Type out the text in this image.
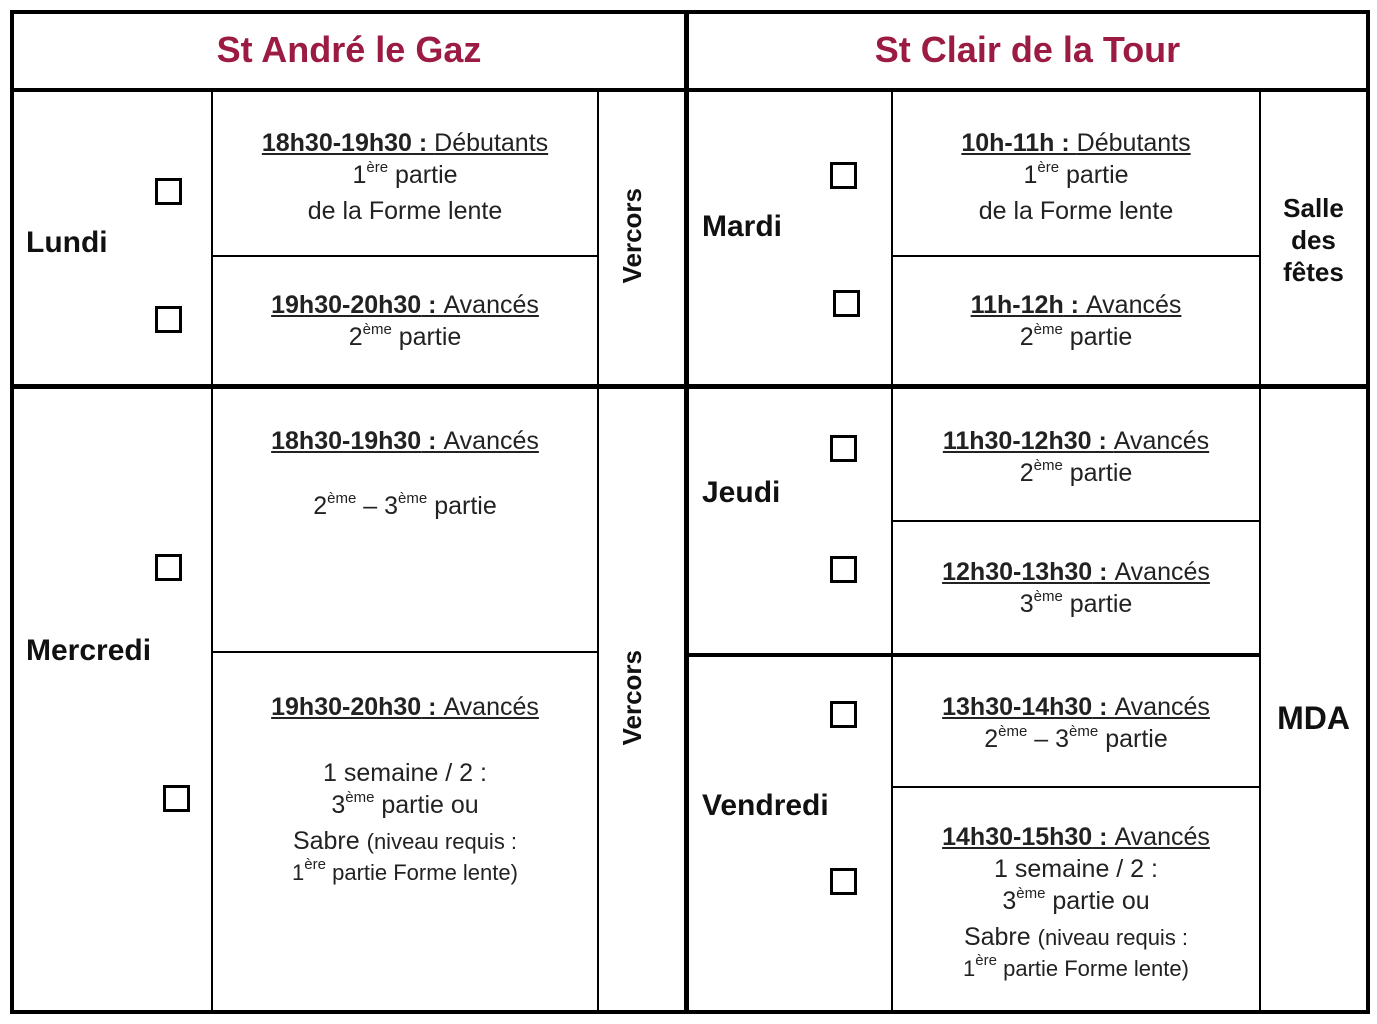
St André le Gaz	St Clair de la Tour
Lundi
18h30-19h30 : Débutants
1ère partie
de la Forme lente
19h30-20h30 : Avancés
2ème partie
Vercors
Mercredi
18h30-19h30 : Avancés
2ème – 3ème partie
19h30-20h30 : Avancés
1 semaine / 2 :
3ème partie ou
Sabre (niveau requis :
1ère partie Forme lente)
Vercors
Mardi
10h-11h : Débutants
1ère partie
de la Forme lente
11h-12h : Avancés
2ème partie
Salle
des
fêtes
Jeudi
11h30-12h30 : Avancés
2ème partie
12h30-13h30 : Avancés
3ème partie
Vendredi
13h30-14h30 : Avancés
2ème – 3ème partie
14h30-15h30 : Avancés
1 semaine / 2 :
3ème partie ou
Sabre (niveau requis :
1ère partie Forme lente)
MDA
